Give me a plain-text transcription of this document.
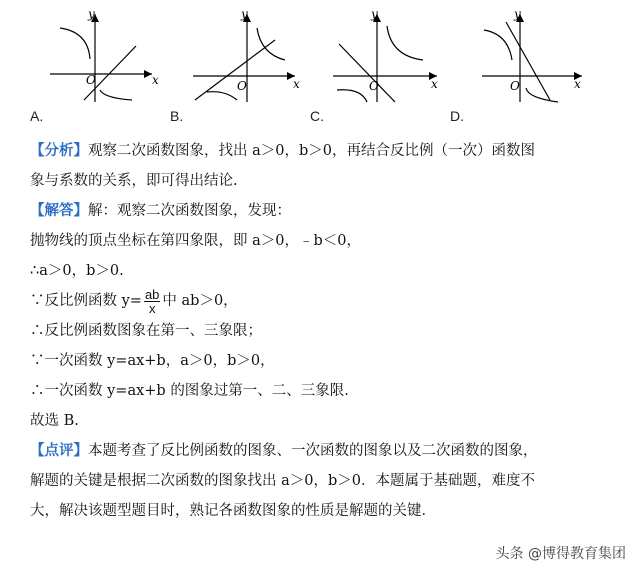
y
x
O
y
x
O
y
x
O
y
x
O
A.	B.	C.	D.
【分析】观察二次函数图象，找出 a＞0，b＞0，再结合反比例（一次）函数图
象与系数的关系，即可得出结论.
【解答】解：观察二次函数图象，发现：
抛物线的顶点坐标在第四象限，即 a＞0，﹣b＜0，
∴a＞0，b＞0.
∵反比例函数 $y= \frac{ab}{x}$ 中 ab＞0，
∴反比例函数图象在第一、三象限；
∵一次函数 y=ax+b，a＞0，b＞0，
∴一次函数 y=ax+b 的图象过第一、二、三象限.
故选 B.
【点评】本题考查了反比例函数的图象、一次函数的图象以及二次函数的图象，
解题的关键是根据二次函数的图象找出 a＞0，b＞0．本题属于基础题，难度不
大，解决该题型题目时，熟记各函数图象的性质是解题的关键．
头条 @博得教育集团
